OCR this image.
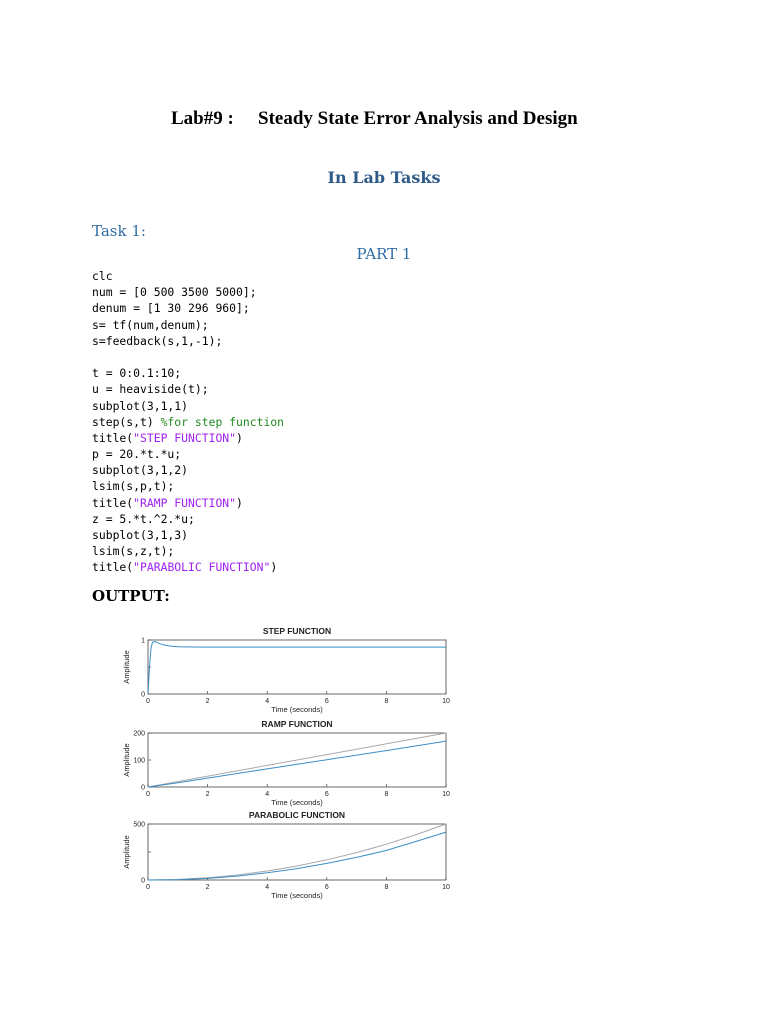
Lab#9 : Steady State Error Analysis and Design
In Lab Tasks
Task 1:
PART 1
clc
num = [0 500 3500 5000];
denum = [1 30 296 960];
s= tf(num,denum);
s=feedback(s,1,-1);
t = 0:0.1:10;
u = heaviside(t);
subplot(3,1,1)
step(s,t) %for step function
title("STEP FUNCTION")
p = 20.*t.*u;
subplot(3,1,2)
lsim(s,p,t);
title("RAMP FUNCTION")
z = 5.*t.^2.*u;
subplot(3,1,3)
lsim(s,z,t);
title("PARABOLIC FUNCTION")
OUTPUT:
STEP FUNCTION
0	2	4	6	8	10
0
1
Time (seconds)
Amplitude
RAMP FUNCTION
0	2	4	6	8	10
0
100
200
Time (seconds)
Amplitude
PARABOLIC FUNCTION
0	2	4	6	8	10
0
500
Time (seconds)
Amplitude
